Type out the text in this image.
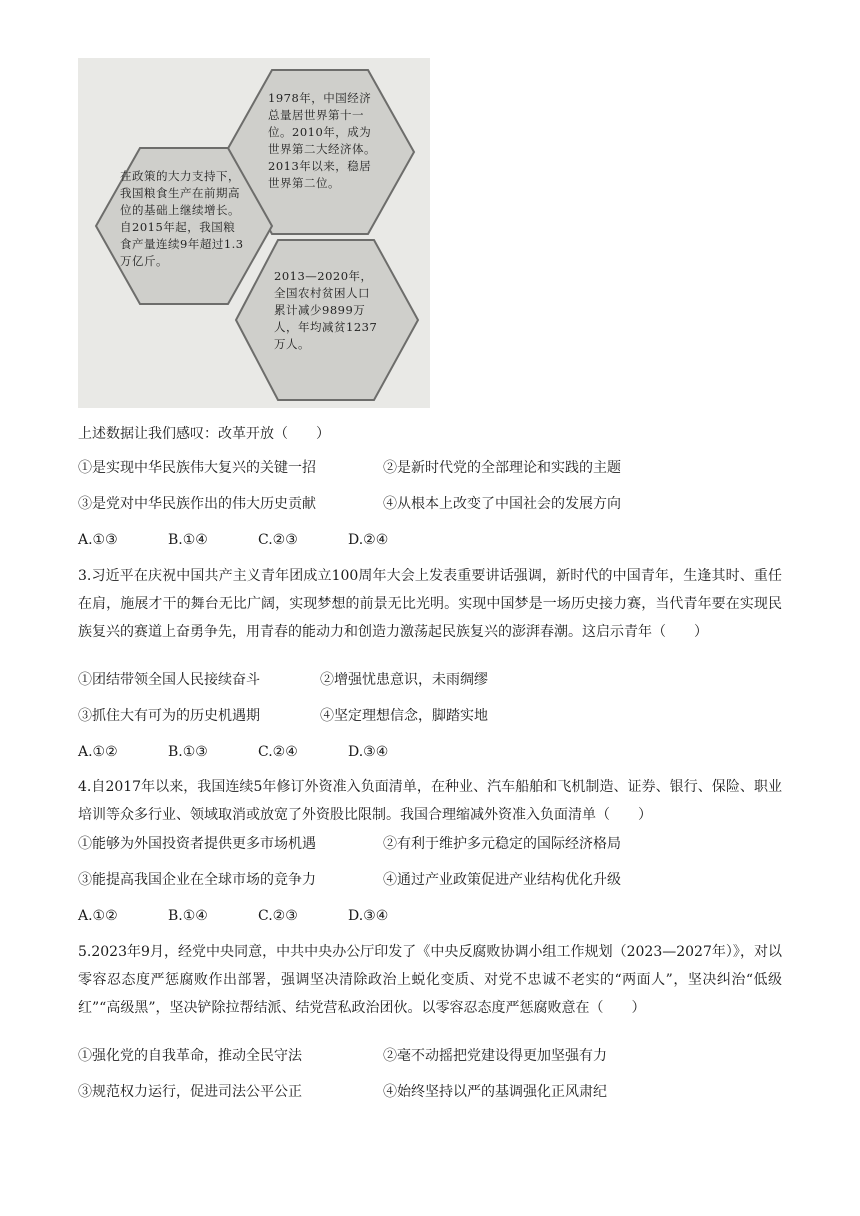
1978年，中国经济总量居世界第十一位。2010年，成为世界第二大经济体。2013年以来，稳居世界第二位。
在政策的大力支持下，我国粮食生产在前期高位的基础上继续增长。自2015年起，我国粮食产量连续9年超过1.3万亿斤。
2013—2020年，全国农村贫困人口累计减少9899万人，年均减贫1237万人。
上述数据让我们感叹：改革开放（　　）
①是实现中华民族伟大复兴的关键一招	②是新时代党的全部理论和实践的主题
③是党对中华民族作出的伟大历史贡献	④从根本上改变了中国社会的发展方向
A.①③	B.①④	C.②③	D.②④
3.习近平在庆祝中国共产主义青年团成立100周年大会上发表重要讲话强调，新时代的中国青年，生逢其时、重任在肩，施展才干的舞台无比广阔，实现梦想的前景无比光明。实现中国梦是一场历史接力赛，当代青年要在实现民族复兴的赛道上奋勇争先，用青春的能动力和创造力激荡起民族复兴的澎湃春潮。这启示青年（　　）
①团结带领全国人民接续奋斗	②增强忧患意识，未雨绸缪
③抓住大有可为的历史机遇期	④坚定理想信念，脚踏实地
A.①②	B.①③	C.②④	D.③④
4.自2017年以来，我国连续5年修订外资准入负面清单，在种业、汽车船舶和飞机制造、证券、银行、保险、职业培训等众多行业、领域取消或放宽了外资股比限制。我国合理缩减外资准入负面清单（　　）
①能够为外国投资者提供更多市场机遇	②有利于维护多元稳定的国际经济格局
③能提高我国企业在全球市场的竞争力	④通过产业政策促进产业结构优化升级
A.①②	B.①④	C.②③	D.③④
5.2023年9月，经党中央同意，中共中央办公厅印发了《中央反腐败协调小组工作规划（2023—2027年）》，对以零容忍态度严惩腐败作出部署，强调坚决清除政治上蜕化变质、对党不忠诚不老实的“两面人”，坚决纠治“低级红”“高级黑”，坚决铲除拉帮结派、结党营私政治团伙。以零容忍态度严惩腐败意在（　　）
①强化党的自我革命，推动全民守法	②毫不动摇把党建设得更加坚强有力
③规范权力运行，促进司法公平公正	④始终坚持以严的基调强化正风肃纪
